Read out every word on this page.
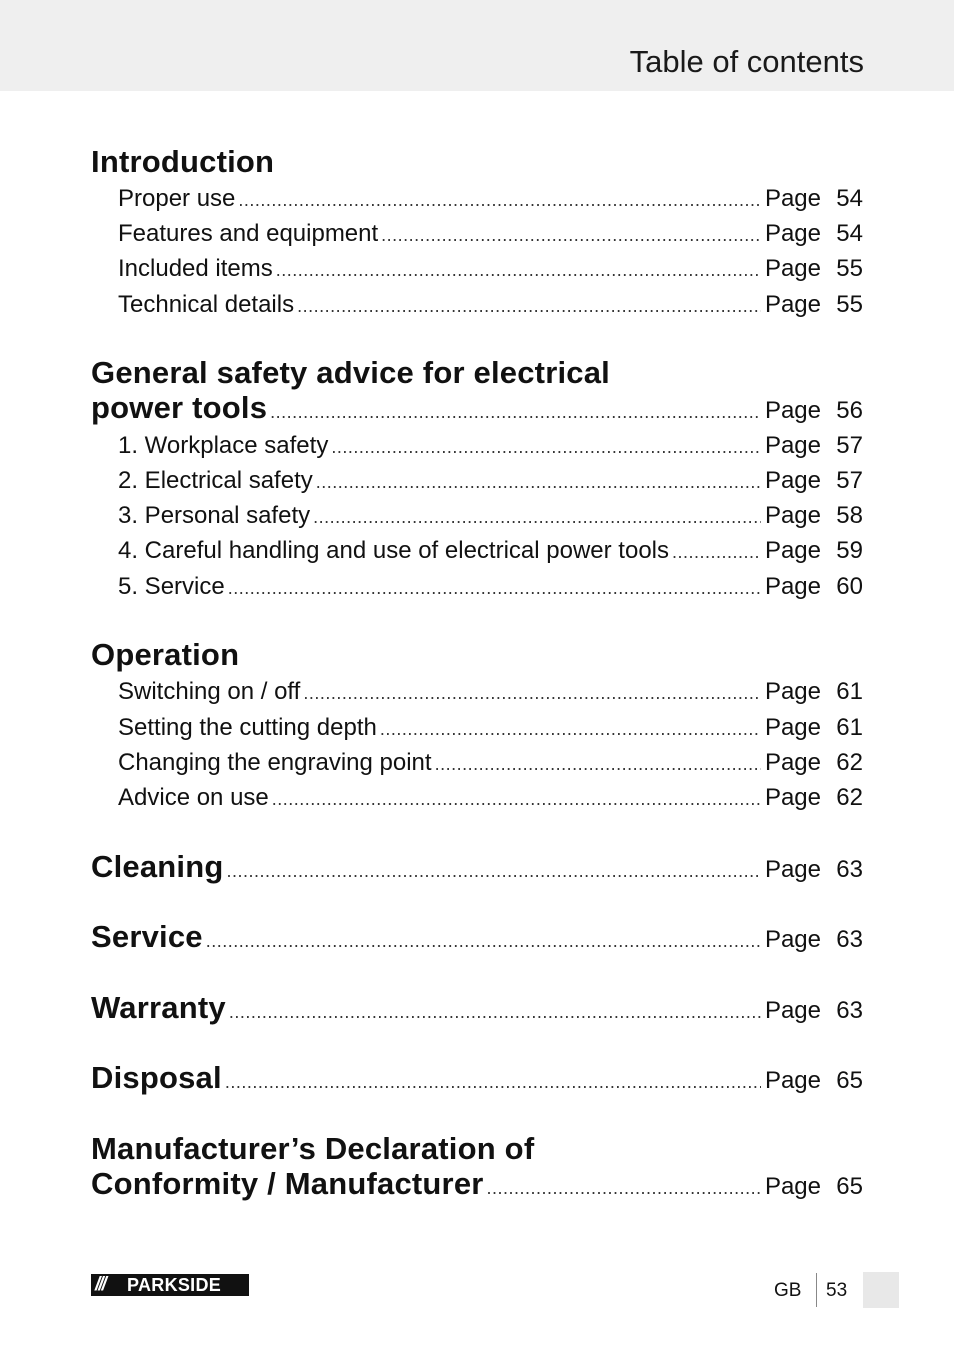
Table of contents
Introduction
Proper use .....	Page 54
Features and equipment .....	Page 54
Included items .....	Page 55
Technical details .....	Page 55
General safety advice for electrical
power tools .....	Page 56
1. Workplace safety .....	Page 57
2. Electrical safety .....	Page 57
3. Personal safety .....	Page 58
4. Careful handling and use of electrical power tools .....	Page 59
5. Service .....	Page 60
Operation
Switching on / off .....	Page 61
Setting the cutting depth .....	Page 61
Changing the engraving point .....	Page 62
Advice on use .....	Page 62
Cleaning .....	Page 63
Service .....	Page 63
Warranty .....	Page 63
Disposal .....	Page 65
Manufacturer’s Declaration of
Conformity / Manufacturer .....	Page 65
///	PARKSIDE	GB 53
